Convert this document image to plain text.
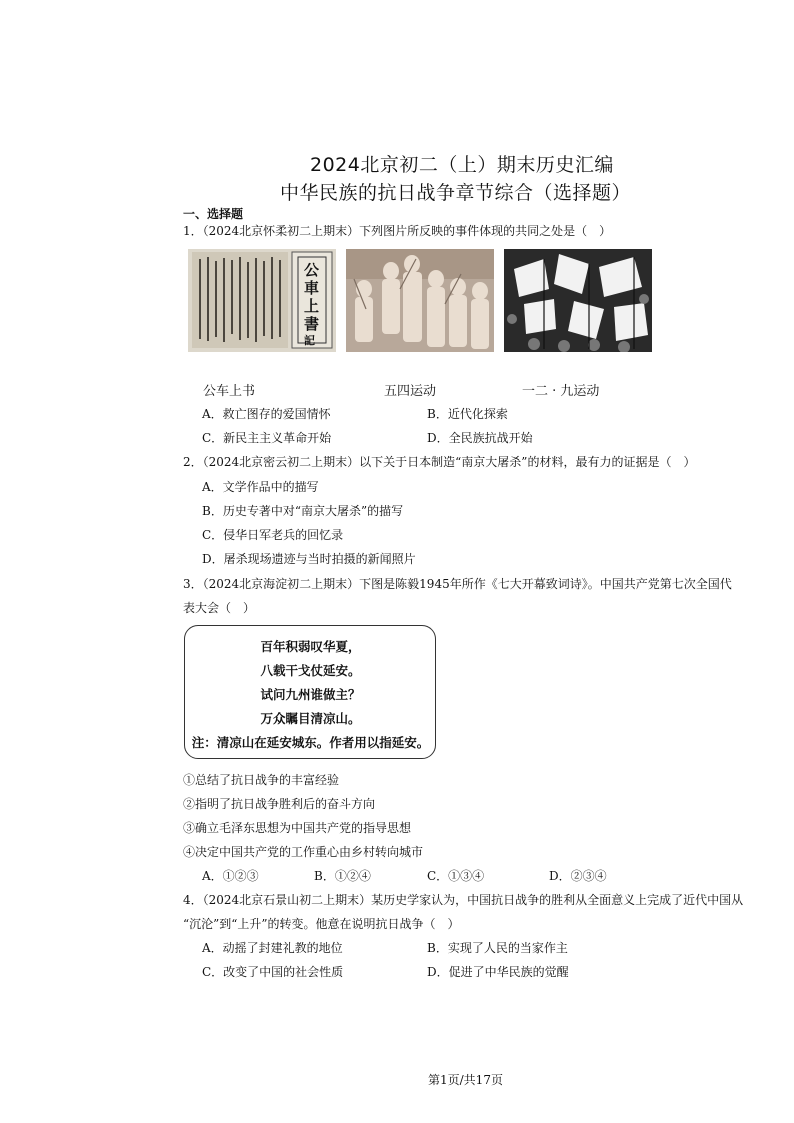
2024北京初二（上）期末历史汇编
中华民族的抗日战争章节综合（选择题）
一、选择题
1．（2024北京怀柔初二上期末）下列图片所反映的事件体现的共同之处是（　）
公
車
上
書
記
公车上书	五四运动	一二 · 九运动
A．救亡图存的爱国情怀	B．近代化探索
C．新民主主义革命开始	D．全民族抗战开始
2．（2024北京密云初二上期末）以下关于日本制造“南京大屠杀”的材料，最有力的证据是（　）
A．文学作品中的描写
B．历史专著中对“南京大屠杀”的描写
C．侵华日军老兵的回忆录
D．屠杀现场遗迹与当时拍摄的新闻照片
3．（2024北京海淀初二上期末）下图是陈毅1945年所作《七大开幕致词诗》。中国共产党第七次全国代
表大会（　）
百年积弱叹华夏，
八载干戈仗延安。
试问九州谁做主？
万众瞩目清凉山。
注：清凉山在延安城东。作者用以指延安。
①总结了抗日战争的丰富经验
②指明了抗日战争胜利后的奋斗方向
③确立毛泽东思想为中国共产党的指导思想
④决定中国共产党的工作重心由乡村转向城市
A．①②③	B．①②④	C．①③④	D．②③④
4．（2024北京石景山初二上期末）某历史学家认为，中国抗日战争的胜利从全面意义上完成了近代中国从
“沉沦”到“上升”的转变。他意在说明抗日战争（　）
A．动摇了封建礼教的地位	B．实现了人民的当家作主
C．改变了中国的社会性质	D．促进了中华民族的觉醒
第1页/共17页
